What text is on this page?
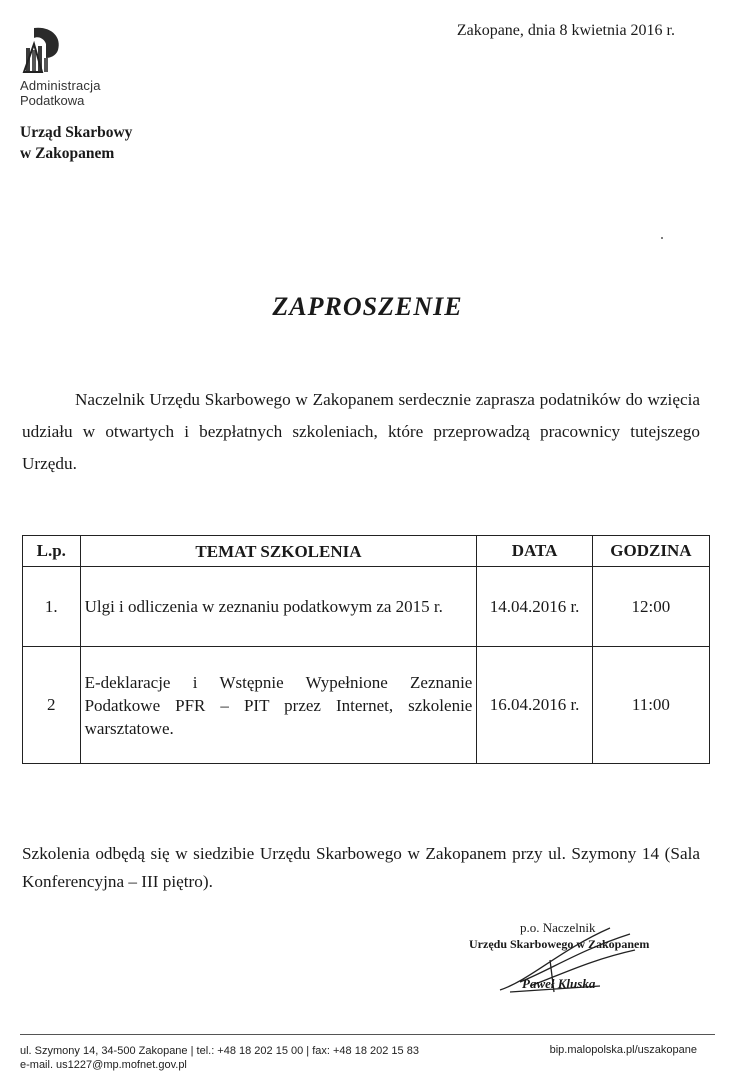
Administracja
Podatkowa
Urząd Skarbowy
w Zakopanem
Zakopane, dnia 8 kwietnia 2016 r.
ZAPROSZENIE
Naczelnik Urzędu Skarbowego w Zakopanem serdecznie zaprasza podatników do wzięcia udziału w otwartych i bezpłatnych szkoleniach, które przeprowadzą pracownicy tutejszego Urzędu.
L.p.	TEMAT SZKOLENIA	DATA	GODZINA
1.	Ulgi i odliczenia w zeznaniu podatkowym za 2015 r.	14.04.2016 r.	12:00
2	E-deklaracje i Wstępnie Wypełnione Zeznanie Podatkowe PFR – PIT przez Internet, szkolenie warsztatowe.	16.04.2016 r.	11:00
Szkolenia odbędą się w siedzibie Urzędu Skarbowego w Zakopanem przy ul. Szymony 14 (Sala Konferencyjna – III piętro).
p.o. Naczelnik
Urzędu Skarbowego w Zakopanem
Paweł Kluska
ul. Szymony 14, 34-500 Zakopane | tel.: +48 18 202 15 00 | fax: +48 18 202 15 83
e-mail. us1227@mp.mofnet.gov.pl
bip.malopolska.pl/uszakopane
